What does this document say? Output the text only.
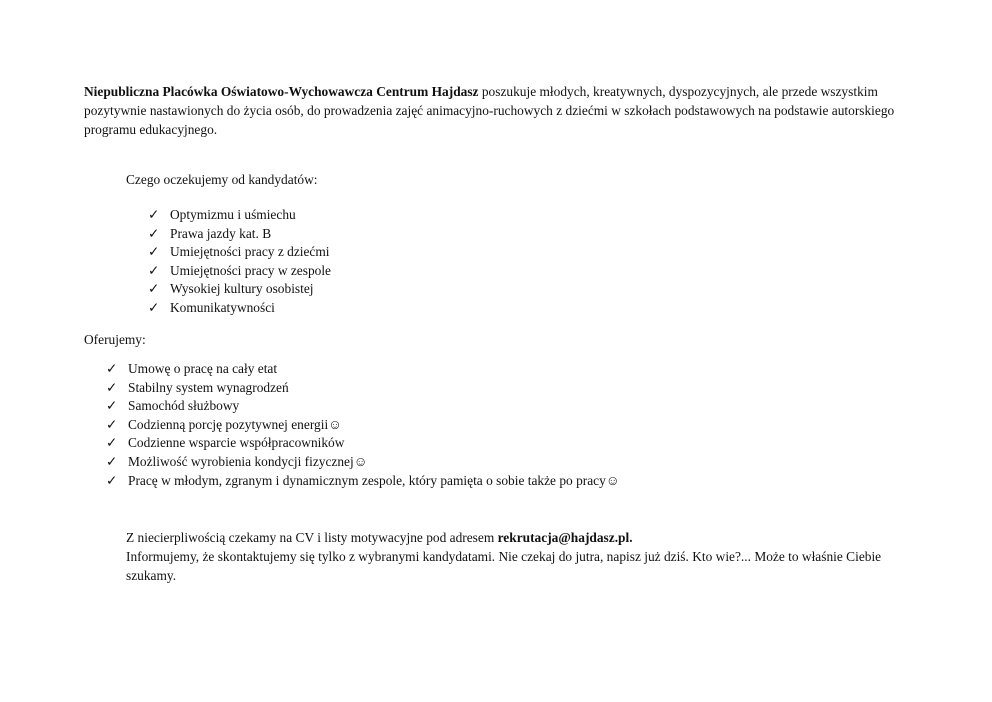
Niepubliczna Placówka Oświatowo-Wychowawcza Centrum Hajdasz poszukuje młodych, kreatywnych, dyspozycyjnych, ale przede wszystkim pozytywnie nastawionych do życia osób, do prowadzenia zajęć animacyjno-ruchowych z dziećmi w szkołach podstawowych na podstawie autorskiego programu edukacyjnego.

Czego oczekujemy od kandydatów:

✓ Optymizmu i uśmiechu
✓ Prawa jazdy kat. B
✓ Umiejętności pracy z dziećmi
✓ Umiejętności pracy w zespole
✓ Wysokiej kultury osobistej
✓ Komunikatywności

Oferujemy:

✓ Umowę o pracę na cały etat
✓ Stabilny system wynagrodzeń
✓ Samochód służbowy
✓ Codzienną porcję pozytywnej energii☺
✓ Codzienne wsparcie współpracowników
✓ Możliwość wyrobienia kondycji fizycznej☺
✓ Pracę w młodym, zgranym i dynamicznym zespole, który pamięta o sobie także po pracy☺

Z niecierpliwością czekamy na CV i listy motywacyjne pod adresem rekrutacja@hajdasz.pl.
Informujemy, że skontaktujemy się tylko z wybranymi kandydatami. Nie czekaj do jutra, napisz już dziś. Kto wie?... Może to właśnie Ciebie szukamy.
